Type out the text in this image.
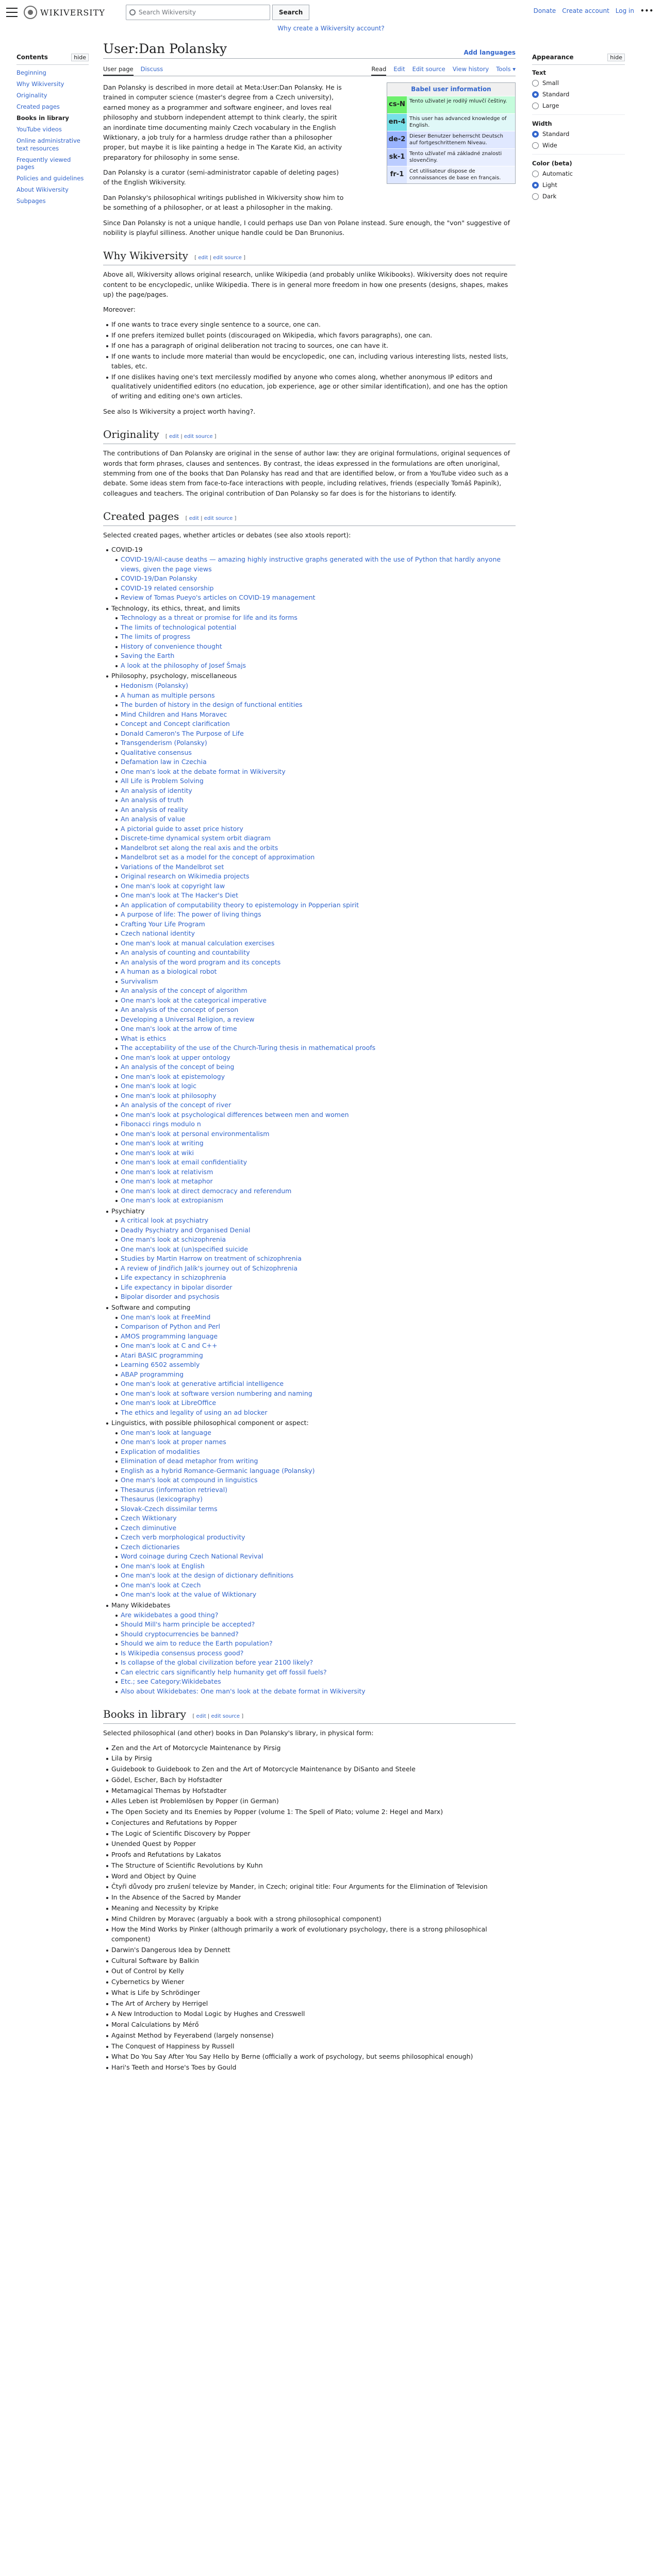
WIKIVERSITY	Search Wikiversity	Search	Donate Create account Log in •••
Why create a Wikiversity account?
Contents	hide
Beginning
Why Wikiversity
Originality
Created pages
Books in library
YouTube videos
Online administrative text resources
Frequently viewed pages
Policies and guidelines
About Wikiversity
Subpages
User:Dan Polansky	Add languages
User page Discuss	Read Edit Edit source View history Tools ▾

Dan Polansky is described in more detail at Meta:User:Dan Polansky. He is trained in computer science (master's degree from a Czech university), earned money as a programmer and software engineer, and loves real philosophy and stubborn independent attempt to think clearly, the spirit an inordinate time documenting mainly Czech vocabulary in the English Wiktionary, a job truly for a harmless drudge rather than a philosopher proper, but maybe it is like painting a hedge in The Karate Kid, an activity preparatory for philosophy in some sense.

Dan Polansky is a curator (semi-administrator capable of deleting pages) of the English Wikiversity.

Dan Polansky's philosophical writings published in Wikiversity show him to be something of a philosopher, or at least a philosopher in the making.

Babel user information
cs-N Tento uživatel je rodilý mluvčí češtiny.
en-4 This user has advanced knowledge of English.
de-2 Dieser Benutzer beherrscht Deutsch auf fortgeschrittenem Niveau.
sk-1 Tento užívateľ má základné znalosti slovenčiny.
fr-1	Cet utilisateur dispose de connaissances de base en français.

Since Dan Polansky is not a unique handle, I could perhaps use Dan von Polane instead. Sure enough, the "von" suggestive of nobility is playful silliness. Another unique handle could be Dan Brunonius.

Why Wikiversity [ edit | edit source ]

Above all, Wikiversity allows original research, unlike Wikipedia (and probably unlike Wikibooks). Wikiversity does not require content to be encyclopedic, unlike Wikipedia. There is in general more freedom in how one presents (designs, shapes, makes up) the page/pages.

Moreover:

If one wants to trace every single sentence to a source, one can.
If one prefers itemized bullet points (discouraged on Wikipedia, which favors paragraphs), one can.
If one has a paragraph of original deliberation not tracing to sources, one can have it.
If one wants to include more material than would be encyclopedic, one can, including various interesting lists, nested lists, tables, etc.
If one dislikes having one's text mercilessly modified by anyone who comes along, whether anonymous IP editors and qualitatively unidentified editors (no education, job experience, age or other similar identification), and one has the option of writing and editing one's own articles.

See also Is Wikiversity a project worth having?.

Originality [ edit | edit source ]

The contributions of Dan Polansky are original in the sense of author law: they are original formulations, original sequences of words that form phrases, clauses and sentences. By contrast, the ideas expressed in the formulations are often unoriginal, stemming from one of the books that Dan Polansky has read and that are identified below, or from a YouTube video such as a debate. Some ideas stem from face-to-face interactions with people, including relatives, friends (especially Tomáš Papiník), colleagues and teachers. The original contribution of Dan Polansky so far does is for the historians to identify.

Created pages [ edit | edit source ]

Selected created pages, whether articles or debates (see also xtools report):

COVID-19
COVID-19/All-cause deaths — amazing highly instructive graphs generated with the use of Python that hardly anyone views, given the page views
COVID-19/Dan Polansky
COVID-19 related censorship
Review of Tomas Pueyo's articles on COVID-19 management
Technology, its ethics, threat, and limits
Technology as a threat or promise for life and its forms
The limits of technological potential
The limits of progress
History of convenience thought
Saving the Earth
A look at the philosophy of Josef Šmajs
Philosophy, psychology, miscellaneous
Hedonism (Polansky)
A human as multiple persons
The burden of history in the design of functional entities
Mind Children and Hans Moravec
Concept and Concept clarification
Donald Cameron's The Purpose of Life
Transgenderism (Polansky)
Qualitative consensus
Defamation law in Czechia
One man's look at the debate format in Wikiversity
All Life is Problem Solving
An analysis of identity
An analysis of truth
An analysis of reality
An analysis of value
A pictorial guide to asset price history
Discrete-time dynamical system orbit diagram
Mandelbrot set along the real axis and the orbits
Mandelbrot set as a model for the concept of approximation
Variations of the Mandelbrot set
Original research on Wikimedia projects
One man's look at copyright law
One man's look at The Hacker's Diet
An application of computability theory to epistemology in Popperian spirit
A purpose of life: The power of living things
Crafting Your Life Program
Czech national identity
One man's look at manual calculation exercises
An analysis of counting and countability
An analysis of the word program and its concepts
A human as a biological robot
Survivalism
An analysis of the concept of algorithm
One man's look at the categorical imperative
An analysis of the concept of person
Developing a Universal Religion, a review
One man's look at the arrow of time
What is ethics
The acceptability of the use of the Church-Turing thesis in mathematical proofs
One man's look at upper ontology
An analysis of the concept of being
One man's look at epistemology
One man's look at logic
One man's look at philosophy
An analysis of the concept of river
One man's look at psychological differences between men and women
Fibonacci rings modulo n
One man's look at personal environmentalism
One man's look at writing
One man's look at wiki
One man's look at email confidentiality
One man's look at relativism
One man's look at metaphor
One man's look at direct democracy and referendum
One man's look at extropianism
Psychiatry
A critical look at psychiatry
Deadly Psychiatry and Organised Denial
One man's look at schizophrenia
One man's look at (un)specified suicide
Studies by Martin Harrow on treatment of schizophrenia
A review of Jindřich Jalík's journey out of Schizophrenia
Life expectancy in schizophrenia
Life expectancy in bipolar disorder
Bipolar disorder and psychosis
Software and computing
One man's look at FreeMind
Comparison of Python and Perl
AMOS programming language
One man's look at C and C++
Atari BASIC programming
Learning 6502 assembly
ABAP programming
One man's look at generative artificial intelligence
One man's look at software version numbering and naming
One man's look at LibreOffice
The ethics and legality of using an ad blocker
Linguistics, with possible philosophical component or aspect:
One man's look at language
One man's look at proper names
Explication of modalities
Elimination of dead metaphor from writing
English as a hybrid Romance-Germanic language (Polansky)
One man's look at compound in linguistics
Thesaurus (information retrieval)
Thesaurus (lexicography)
Slovak-Czech dissimilar terms
Czech Wiktionary
Czech diminutive
Czech verb morphological productivity
Czech dictionaries
Word coinage during Czech National Revival
One man's look at English
One man's look at the design of dictionary definitions
One man's look at Czech
One man's look at the value of Wiktionary
Many Wikidebates
Are wikidebates a good thing?
Should Mill's harm principle be accepted?
Should cryptocurrencies be banned?
Should we aim to reduce the Earth population?
Is Wikipedia consensus process good?
Is collapse of the global civilization before year 2100 likely?
Can electric cars significantly help humanity get off fossil fuels?
Etc.; see Category:Wikidebates
Also about Wikidebates: One man's look at the debate format in Wikiversity
Books in library [ edit | edit source ]

Selected philosophical (and other) books in Dan Polansky's library, in physical form:

Zen and the Art of Motorcycle Maintenance by Pirsig
Lila by Pirsig
Guidebook to Guidebook to Zen and the Art of Motorcycle Maintenance by DiSanto and Steele
Gödel, Escher, Bach by Hofstadter
Metamagical Themas by Hofstadter
Alles Leben ist Problemlösen by Popper (in German)
The Open Society and Its Enemies by Popper (volume 1: The Spell of Plato; volume 2: Hegel and Marx)
Conjectures and Refutations by Popper
The Logic of Scientific Discovery by Popper
Unended Quest by Popper
Proofs and Refutations by Lakatos
The Structure of Scientific Revolutions by Kuhn
Word and Object by Quine
Čtyři důvody pro zrušení televize by Mander, in Czech; original title: Four Arguments for the Elimination of Television
In the Absence of the Sacred by Mander
Meaning and Necessity by Kripke
Mind Children by Moravec (arguably a book with a strong philosophical component)
How the Mind Works by Pinker (although primarily a work of evolutionary psychology, there is a strong philosophical component)
Darwin's Dangerous Idea by Dennett
Cultural Software by Balkin
Out of Control by Kelly
Cybernetics by Wiener
What is Life by Schrödinger
The Art of Archery by Herrigel
A New Introduction to Modal Logic by Hughes and Cresswell
Moral Calculations by Mérő
Against Method by Feyerabend (largely nonsense)
The Conquest of Happiness by Russell
What Do You Say After You Say Hello by Berne (officially a work of psychology, but seems philosophical enough)
Hari's Teeth and Horse's Toes by Gould
Appearance	hide
Text
Small
Standard
Large
Width
Standard
Wide
Color (beta)
Automatic
Light
Dark
